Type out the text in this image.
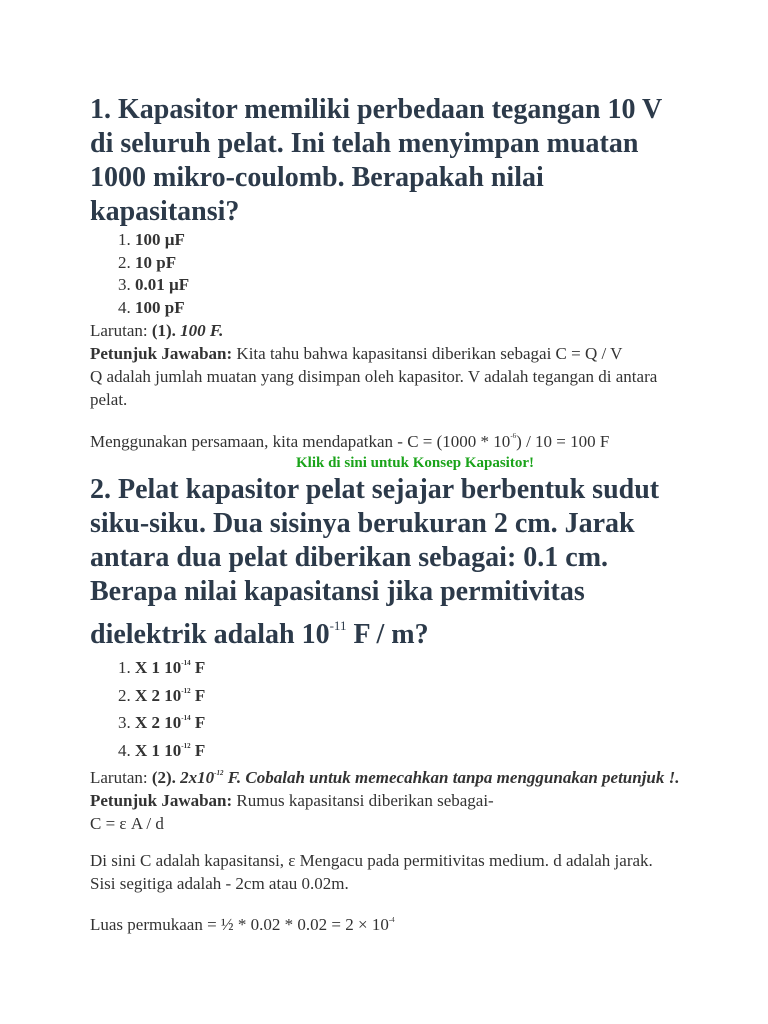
1. Kapasitor memiliki perbedaan tegangan 10 V di seluruh pelat. Ini telah menyimpan muatan 1000 mikro-coulomb. Berapakah nilai kapasitansi?
1. 100 µF
2. 10 pF
3. 0.01 µF
4. 100 pF

Larutan: (1). 100 F.

Petunjuk Jawaban: Kita tahu bahwa kapasitansi diberikan sebagai C = Q / V

Q adalah jumlah muatan yang disimpan oleh kapasitor. V adalah tegangan di antara pelat.

Menggunakan persamaan, kita mendapatkan - $C = (1000 * 10^{-6}) / 10 = 100$ F

Klik di sini untuk Konsep Kapasitor!
2. Pelat kapasitor pelat sejajar berbentuk sudut siku-siku. Dua sisinya berukuran 2 cm. Jarak antara dua pelat diberikan sebagai: 0.1 cm. Berapa nilai kapasitansi jika permitivitas dielektrik adalah $10^{-11}$ F / m?
1. X 1 $10^{-14}$ F
2. X 2 $10^{-12}$ F
3. X 2 $10^{-14}$ F
4. X 1 $10^{-12}$ F

Larutan: (2). $2x10^{-12}$ F. Cobalah untuk memecahkan tanpa menggunakan petunjuk !.

Petunjuk Jawaban: Rumus kapasitansi diberikan sebagai-

C = ε A / d

Di sini C adalah kapasitansi, ε Mengacu pada permitivitas medium. d adalah jarak. Sisi segitiga adalah - 2cm atau 0.02m.

Luas permukaan = ½ * $0.02 * 0.02 = 2 \times 10^{-4}$
